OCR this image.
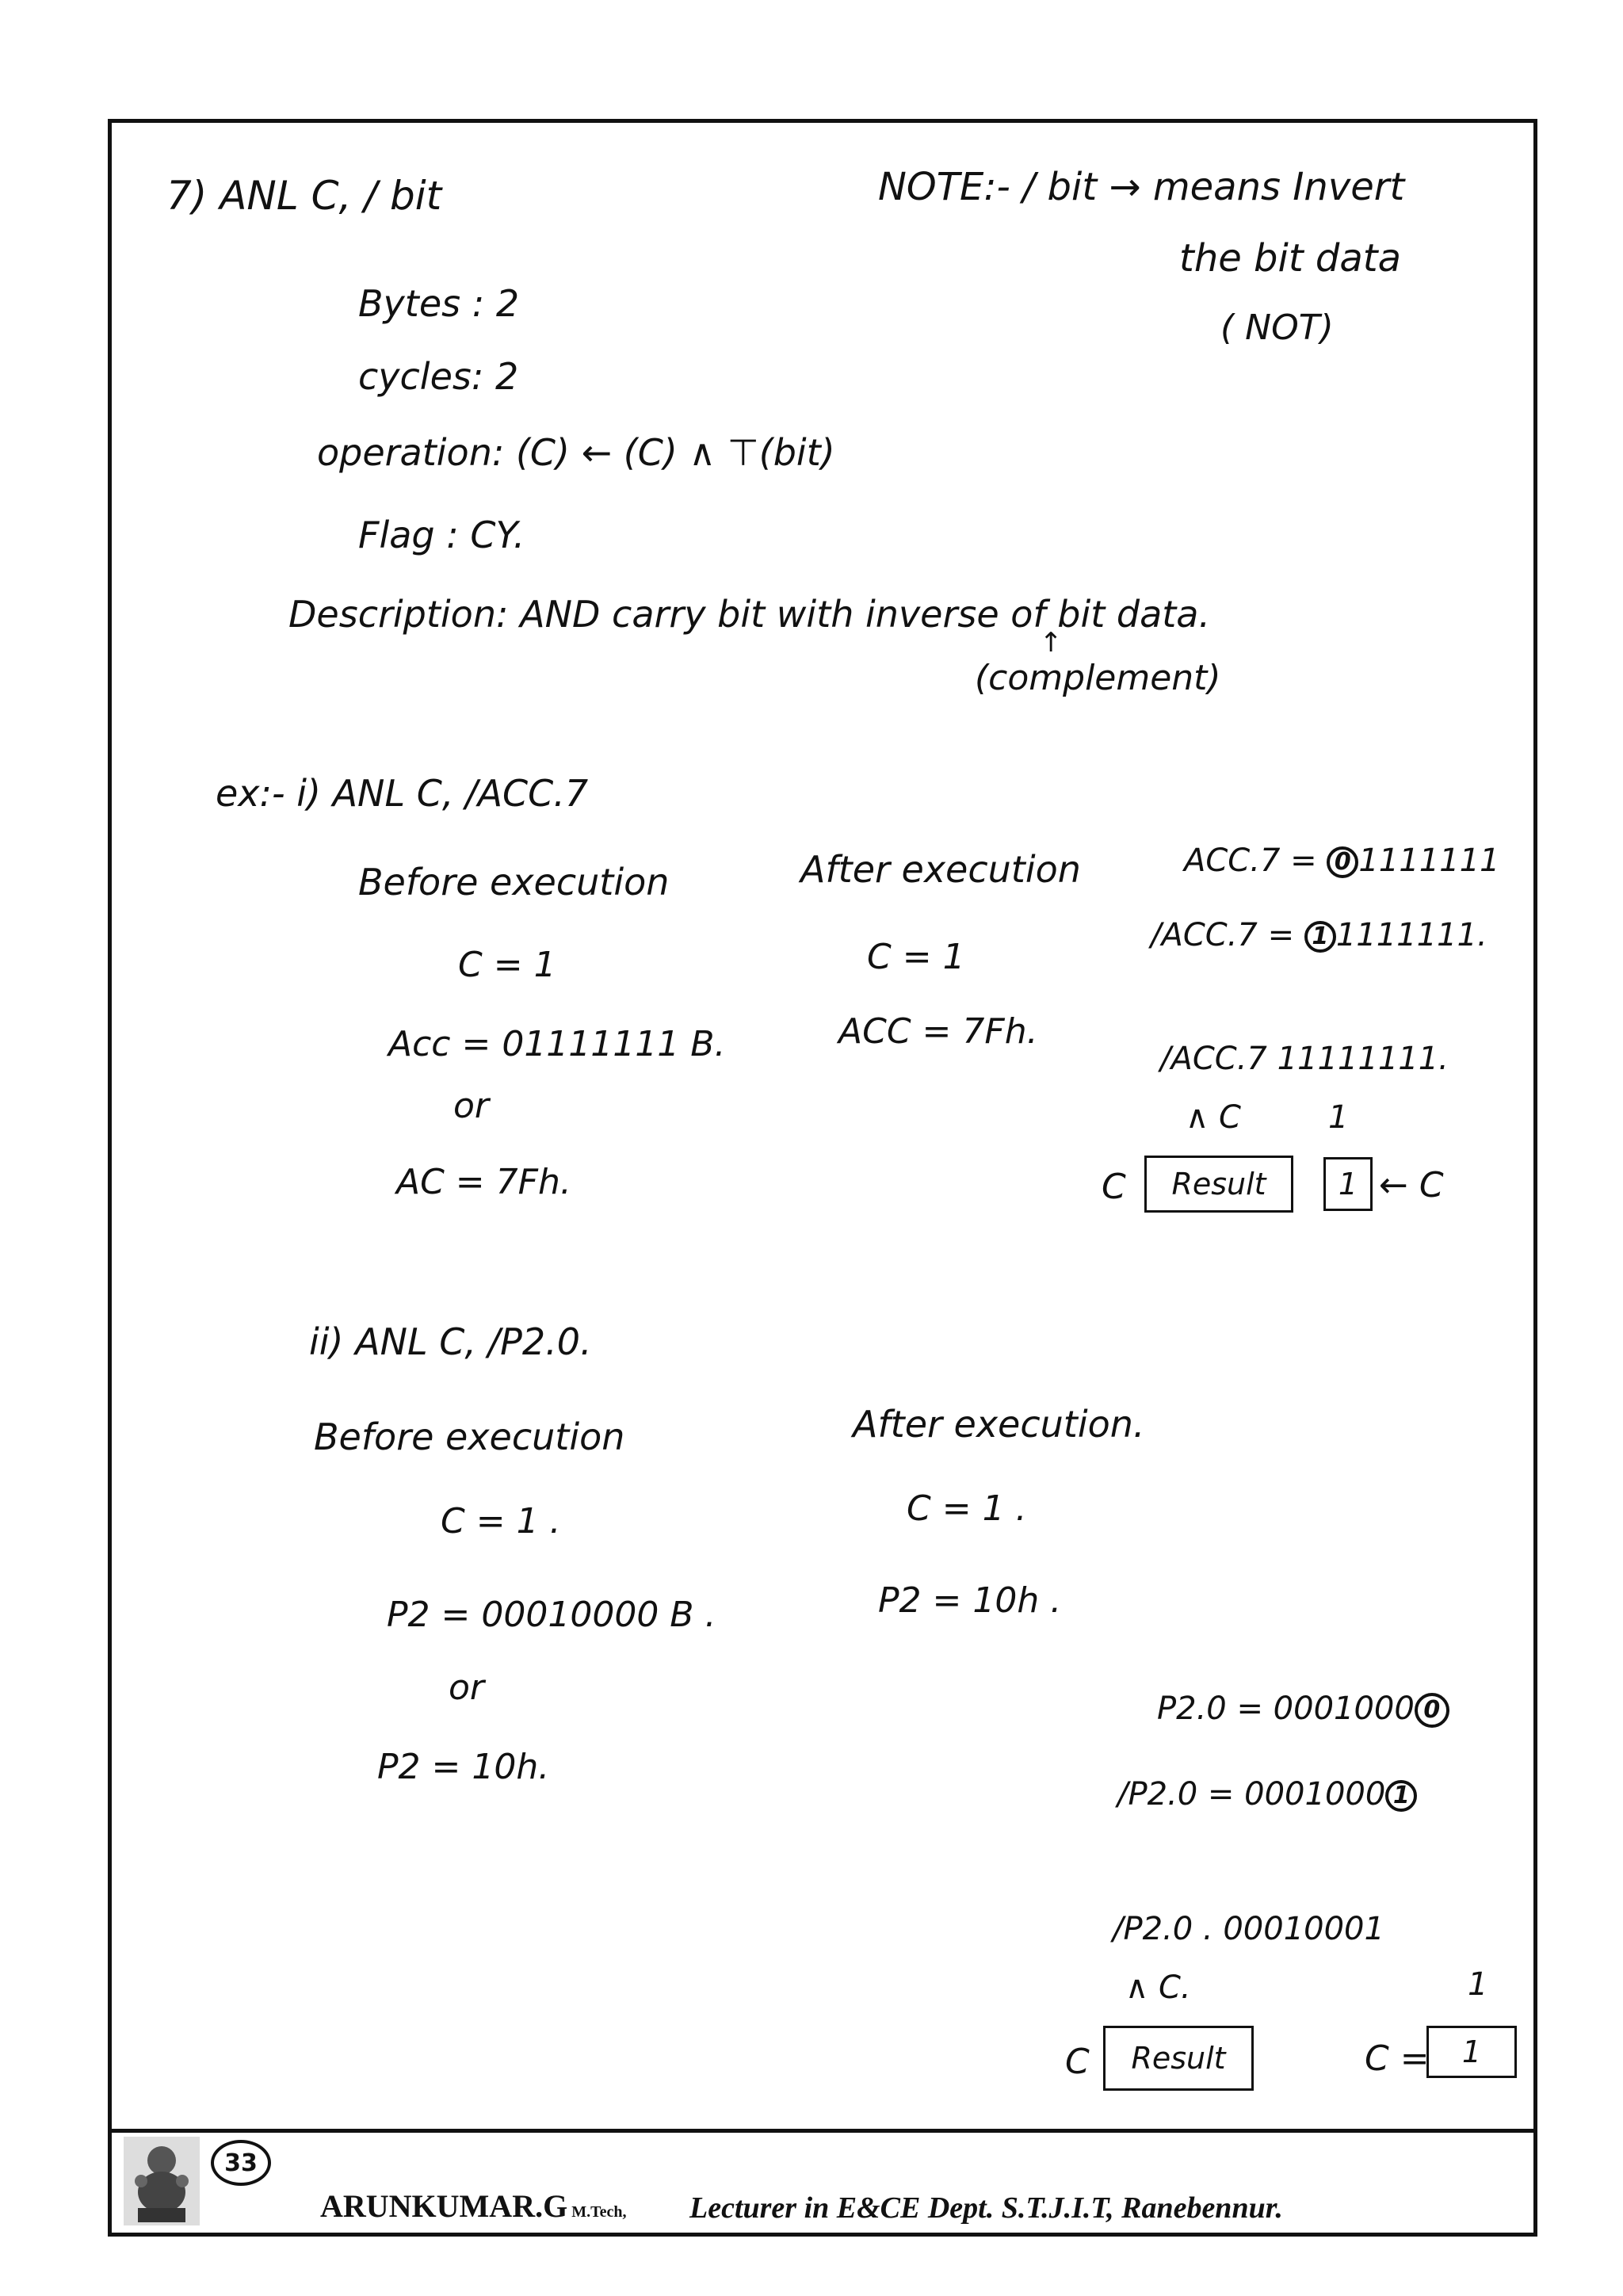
7) ANL C, / bit	NOTE:- / bit → means Invert
the bit data
( NOT)
Bytes : 2
cycles: 2
operation: (C) ← (C) ∧ ⊤(bit)
Flag : CY.
Description: AND carry bit with inverse of bit data.
↑
(complement)
ex:- i) ANL C, /ACC.7
Before execution	After execution
C = 1	C = 1
Acc = 01111111 B.	ACC = 7Fh.
or
AC = 7Fh.
ACC.7 = 0 1111111
/ACC.7 = 1 1111111.
/ACC.7 11111111.
∧ C	1
C	Result	1 ← C
ii) ANL C, /P2.0.
Before execution	After execution.
C = 1 .	C = 1 .
P2 = 00010000 B .	P2 = 10h .
or
P2 = 10h.
P2.0 = 0001000 0
/P2.0 = 0001000 1
/P2.0 . 00010001
∧ C.	1
C	Result	C =	1
33
ARUNKUMAR.G M.Tech, Lecturer in E&CE Dept. S.T.J.I.T, Ranebennur.
